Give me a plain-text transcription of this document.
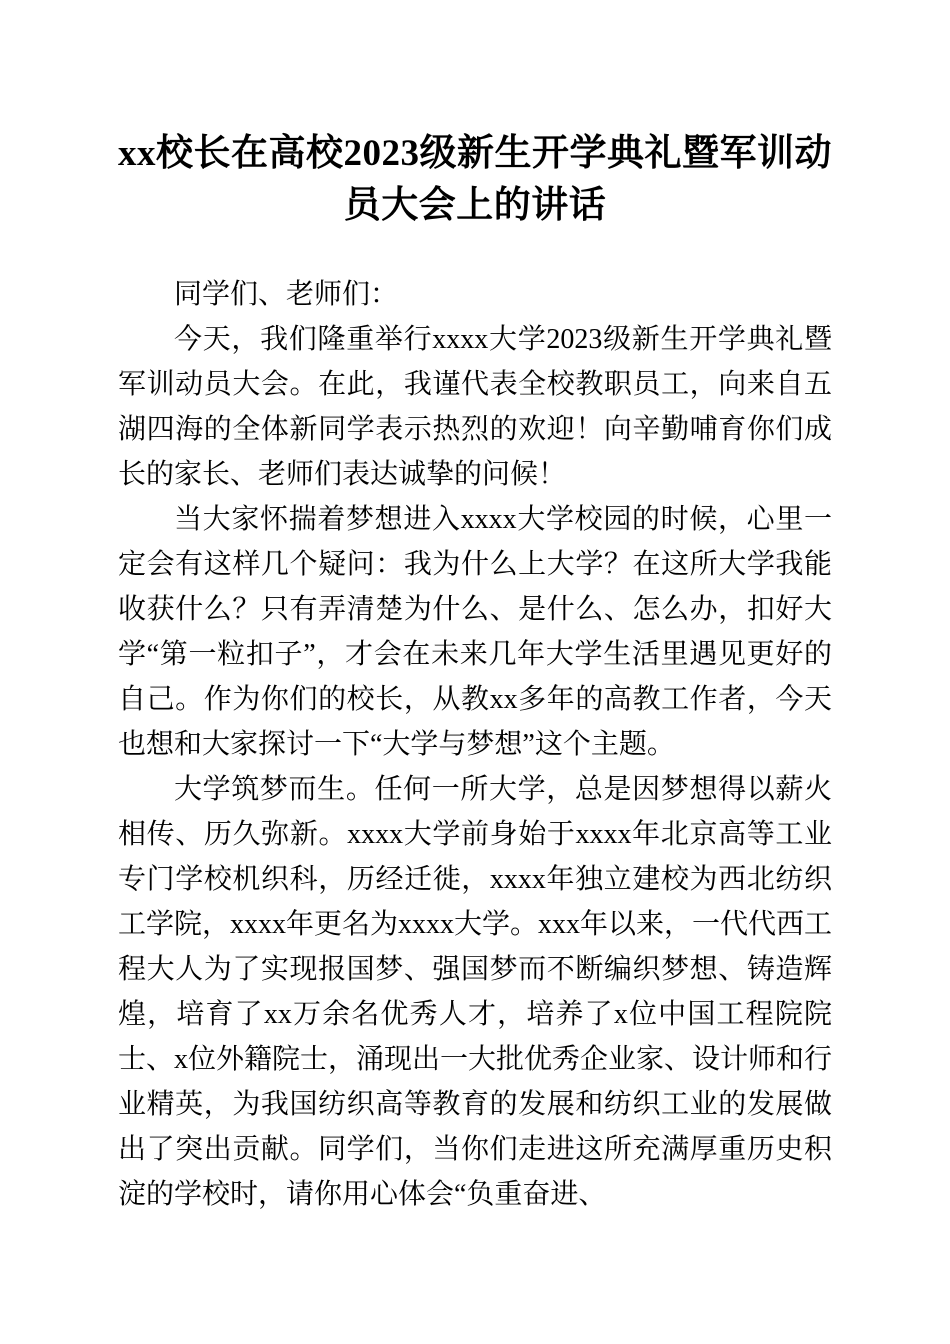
xx校长在高校2023级新生开学典礼暨军训动员大会上的讲话

同学们、老师们：

今天，我们隆重举行xxxx大学2023级新生开学典礼暨军训动员大会。在此，我谨代表全校教职员工，向来自五湖四海的全体新同学表示热烈的欢迎！向辛勤哺育你们成长的家长、老师们表达诚挚的问候！

当大家怀揣着梦想进入xxxx大学校园的时候，心里一定会有这样几个疑问：我为什么上大学？在这所大学我能收获什么？只有弄清楚为什么、是什么、怎么办，扣好大学“第一粒扣子”，才会在未来几年大学生活里遇见更好的自己。作为你们的校长，从教xx多年的高教工作者，今天也想和大家探讨一下“大学与梦想”这个主题。

大学筑梦而生。任何一所大学，总是因梦想得以薪火相传、历久弥新。xxxx大学前身始于xxxx年北京高等工业专门学校机织科，历经迁徙，xxxx年独立建校为西北纺织工学院，xxxx年更名为xxxx大学。xxx年以来，一代代西工程大人为了实现报国梦、强国梦而不断编织梦想、铸造辉煌，培育了xx万余名优秀人才，培养了x位中国工程院院士、x位外籍院士，涌现出一大批优秀企业家、设计师和行业精英，为我国纺织高等教育的发展和纺织工业的发展做出了突出贡献。同学们，当你们走进这所充满厚重历史积淀的学校时，请你用心体会“负重奋进、
